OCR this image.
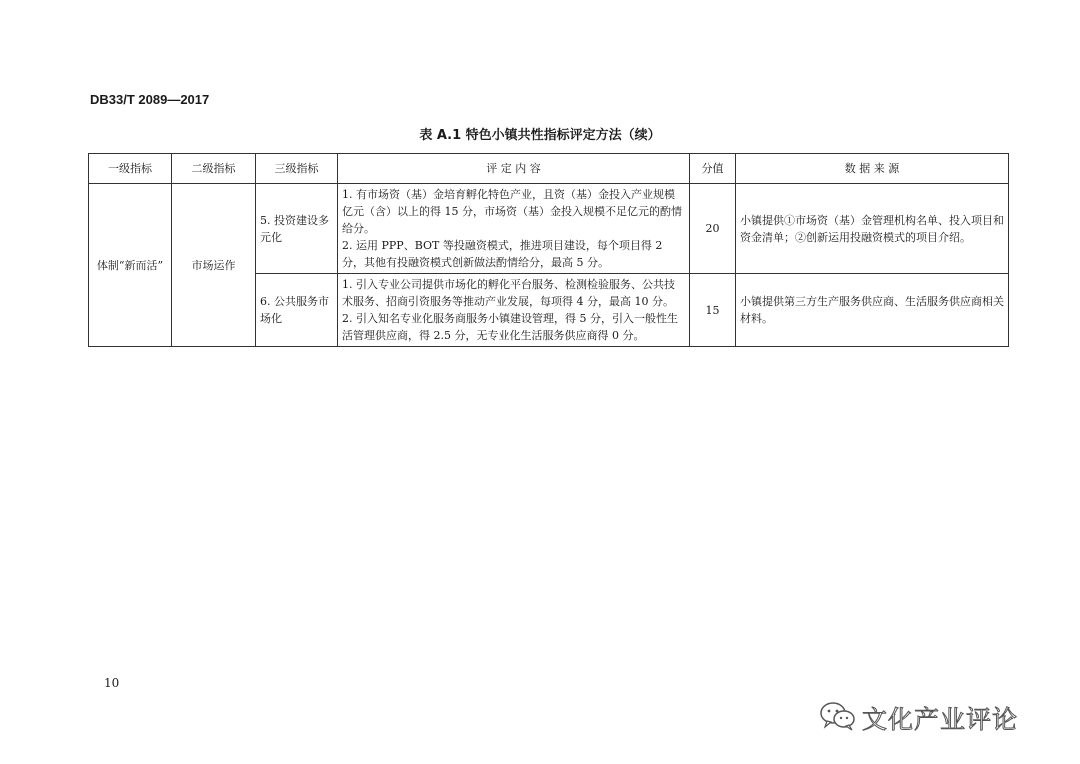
DB33/T 2089—2017
表 A.1 特色小镇共性指标评定方法（续）
一级指标	二级指标	三级指标	评 定 内 容	分值	数 据 来 源
体制“新而活”	市场运作	5. 投资建设多元化	1. 有市场资（基）金培育孵化特色产业，且资（基）金投入产业规模亿元（含）以上的得 15 分，市场资（基）金投入规模不足亿元的酌情给分。
2. 运用 PPP、BOT 等投融资模式，推进项目建设，每个项目得 2 分，其他有投融资模式创新做法酌情给分，最高 5 分。	20	小镇提供①市场资（基）金管理机构名单、投入项目和资金清单；②创新运用投融资模式的项目介绍。
		6. 公共服务市场化	1. 引入专业公司提供市场化的孵化平台服务、检测检验服务、公共技术服务、招商引资服务等推动产业发展，每项得 4 分，最高 10 分。
2. 引入知名专业化服务商服务小镇建设管理，得 5 分，引入一般性生活管理供应商，得 2.5 分，无专业化生活服务供应商得 0 分。	15	小镇提供第三方生产服务供应商、生活服务供应商相关材料。
10
文化产业评论
